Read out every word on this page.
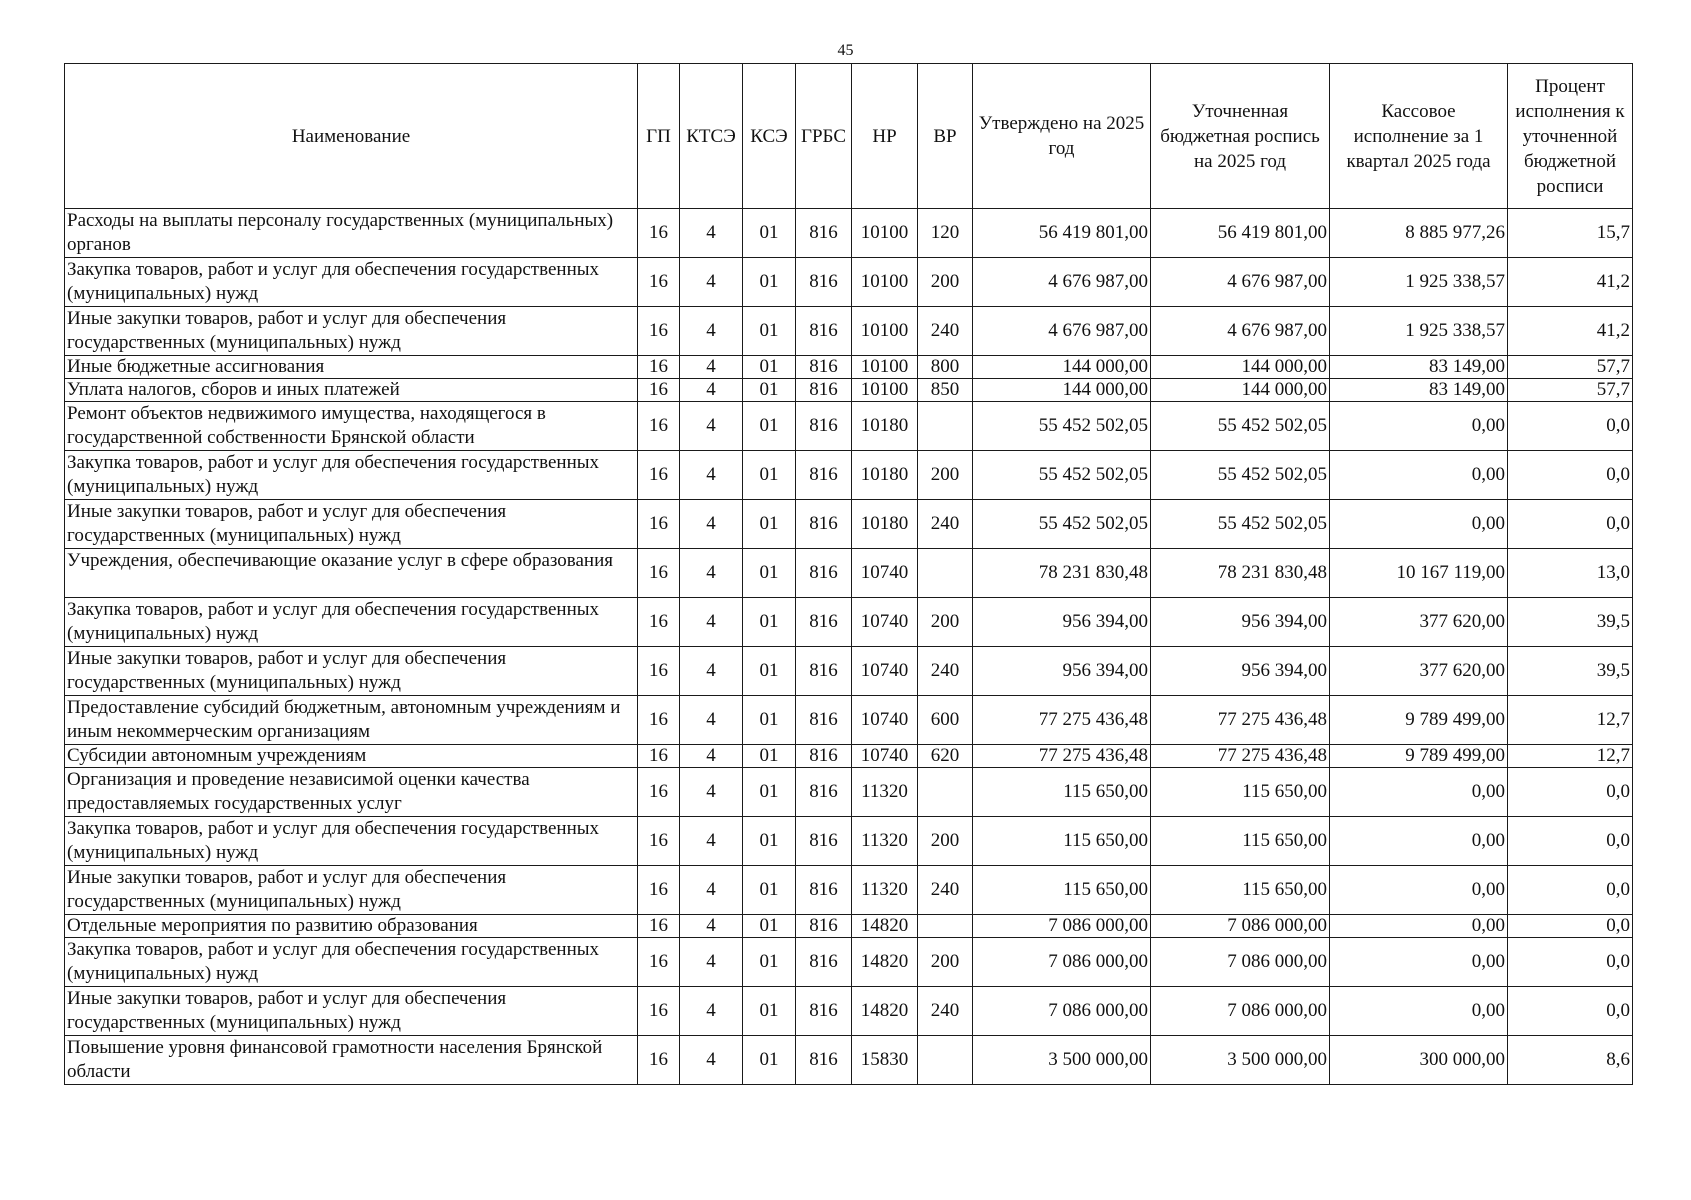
45
Наименование	ГП	КТСЭ	КСЭ	ГРБС	НР	ВР	Утверждено на 2025 год	Уточненная бюджетная роспись на 2025 год	Кассовое исполнение за 1 квартал 2025 года	Процент исполнения к уточненной бюджетной росписи
Расходы на выплаты персоналу государственных (муниципальных) органов	16	4	01	816	10100	120	56 419 801,00	56 419 801,00	8 885 977,26	15,7
Закупка товаров, работ и услуг для обеспечения государственных (муниципальных) нужд	16	4	01	816	10100	200	4 676 987,00	4 676 987,00	1 925 338,57	41,2
Иные закупки товаров, работ и услуг для обеспечения государственных (муниципальных) нужд	16	4	01	816	10100	240	4 676 987,00	4 676 987,00	1 925 338,57	41,2
Иные бюджетные ассигнования	16	4	01	816	10100	800	144 000,00	144 000,00	83 149,00	57,7
Уплата налогов, сборов и иных платежей	16	4	01	816	10100	850	144 000,00	144 000,00	83 149,00	57,7
Ремонт объектов недвижимого имущества, находящегося в государственной собственности Брянской области	16	4	01	816	10180		55 452 502,05	55 452 502,05	0,00	0,0
Закупка товаров, работ и услуг для обеспечения государственных (муниципальных) нужд	16	4	01	816	10180	200	55 452 502,05	55 452 502,05	0,00	0,0
Иные закупки товаров, работ и услуг для обеспечения государственных (муниципальных) нужд	16	4	01	816	10180	240	55 452 502,05	55 452 502,05	0,00	0,0
Учреждения, обеспечивающие оказание услуг в сфере образования	16	4	01	816	10740		78 231 830,48	78 231 830,48	10 167 119,00	13,0
Закупка товаров, работ и услуг для обеспечения государственных (муниципальных) нужд	16	4	01	816	10740	200	956 394,00	956 394,00	377 620,00	39,5
Иные закупки товаров, работ и услуг для обеспечения государственных (муниципальных) нужд	16	4	01	816	10740	240	956 394,00	956 394,00	377 620,00	39,5
Предоставление субсидий бюджетным, автономным учреждениям и иным некоммерческим организациям	16	4	01	816	10740	600	77 275 436,48	77 275 436,48	9 789 499,00	12,7
Субсидии автономным учреждениям	16	4	01	816	10740	620	77 275 436,48	77 275 436,48	9 789 499,00	12,7
Организация и проведение независимой оценки качества предоставляемых государственных услуг	16	4	01	816	11320		115 650,00	115 650,00	0,00	0,0
Закупка товаров, работ и услуг для обеспечения государственных (муниципальных) нужд	16	4	01	816	11320	200	115 650,00	115 650,00	0,00	0,0
Иные закупки товаров, работ и услуг для обеспечения государственных (муниципальных) нужд	16	4	01	816	11320	240	115 650,00	115 650,00	0,00	0,0
Отдельные мероприятия по развитию образования	16	4	01	816	14820		7 086 000,00	7 086 000,00	0,00	0,0
Закупка товаров, работ и услуг для обеспечения государственных (муниципальных) нужд	16	4	01	816	14820	200	7 086 000,00	7 086 000,00	0,00	0,0
Иные закупки товаров, работ и услуг для обеспечения государственных (муниципальных) нужд	16	4	01	816	14820	240	7 086 000,00	7 086 000,00	0,00	0,0
Повышение уровня финансовой грамотности населения Брянской области	16	4	01	816	15830		3 500 000,00	3 500 000,00	300 000,00	8,6
